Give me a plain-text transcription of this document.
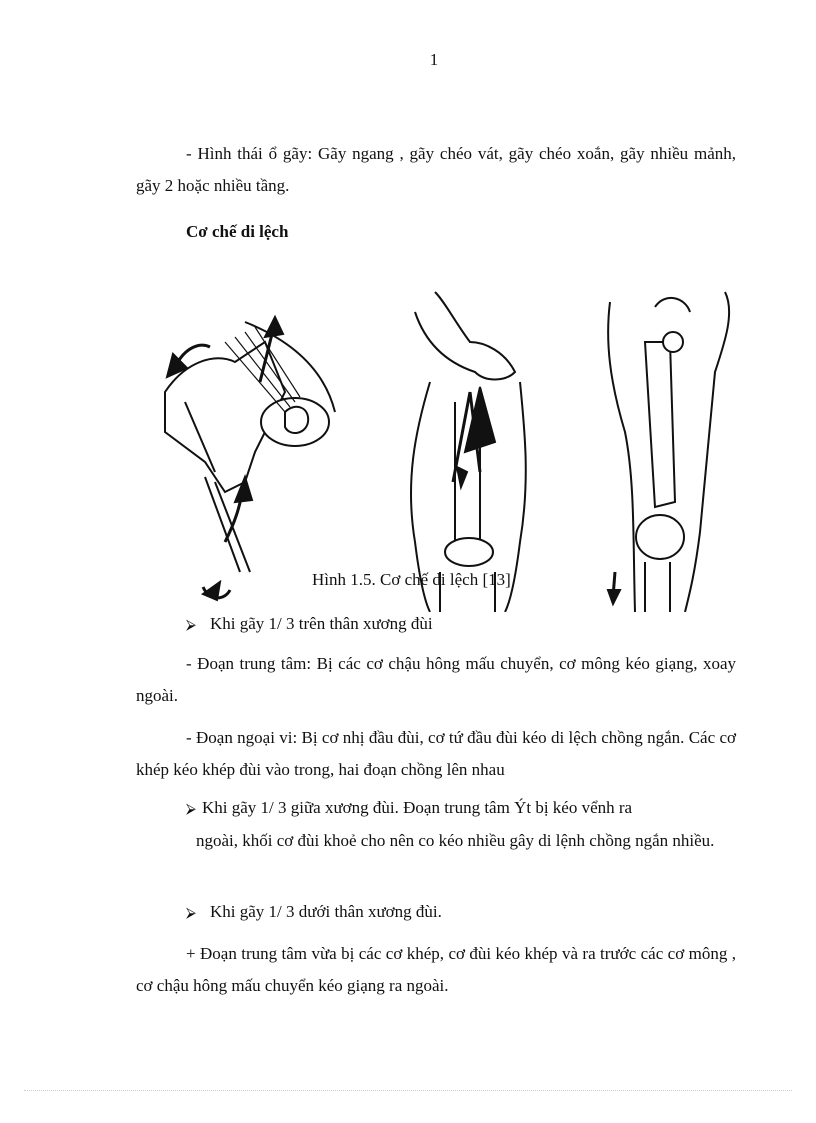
1

- Hình thái ổ gãy: Gãy ngang , gãy chéo vát, gãy chéo xoắn, gãy nhiều mảnh, gãy 2 hoặc nhiều tầng.

Cơ chế di lệch

Hình 1.5. Cơ chế di lệch [13]
⮚ Khi gãy 1/ 3 trên thân xương đùi

- Đoạn trung tâm: Bị các cơ chậu hông mấu chuyển, cơ mông kéo giạng, xoay ngoài.

- Đoạn ngoại vi: Bị cơ nhị đầu đùi, cơ tứ đầu đùi kéo di lệch chồng ngắn. Các cơ khép kéo khép đùi vào trong, hai đoạn chồng lên nhau

⮚ Khi gãy 1/ 3 giữa xương đùi. Đoạn trung tâm Ýt bị kéo vểnh ra
ngoài, khối cơ đùi khoẻ cho nên co kéo nhiều gây di lệnh chồng ngắn nhiều.
⮚ Khi gãy 1/ 3 dưới thân xương đùi.

+ Đoạn trung tâm vừa bị các cơ khép, cơ đùi kéo khép và ra trước các cơ mông , cơ chậu hông mấu chuyển kéo giạng ra ngoài.
